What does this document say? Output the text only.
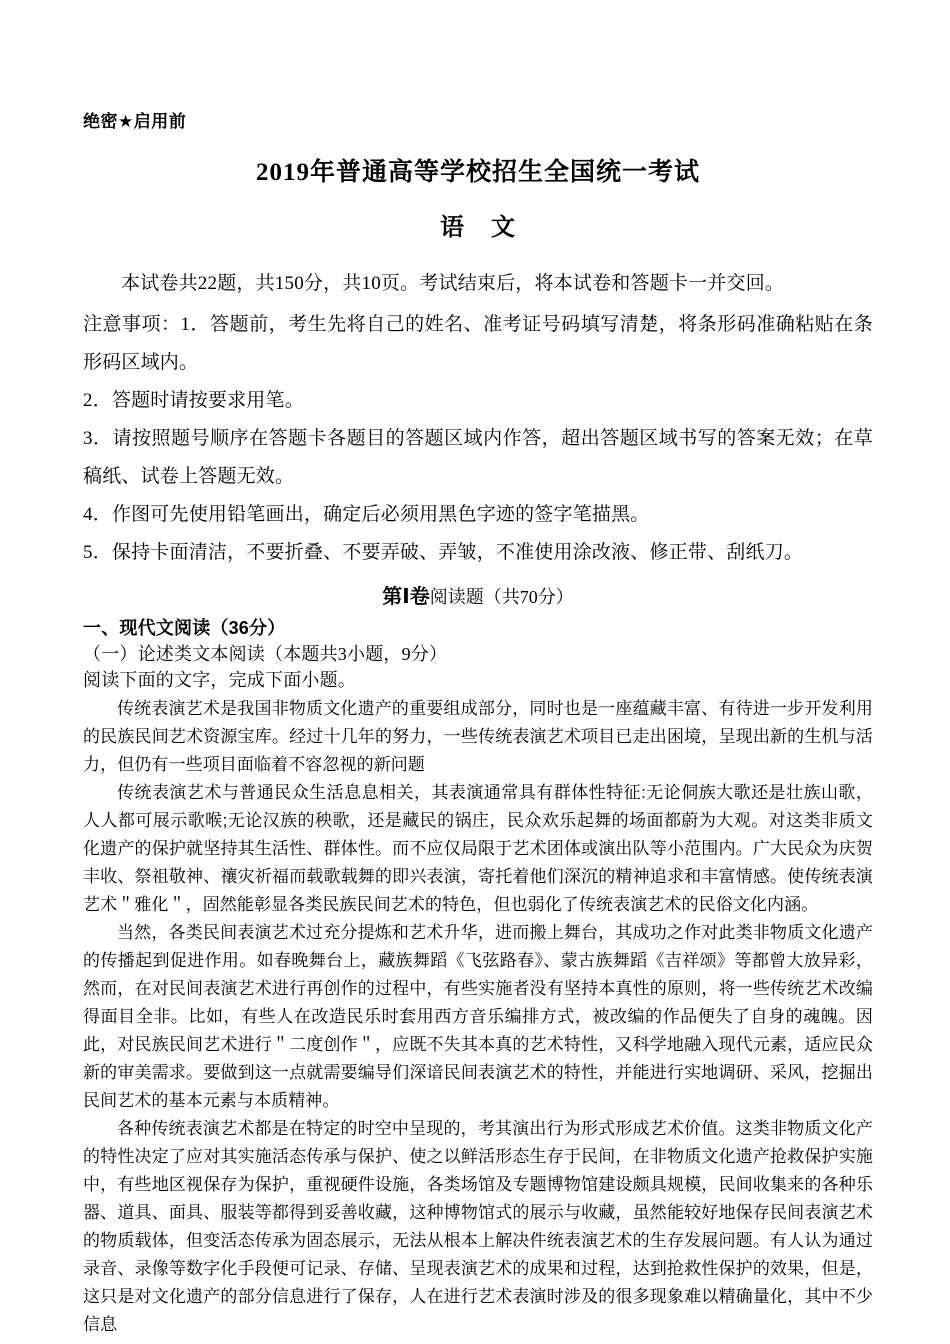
绝密★启用前
2019年普通高等学校招生全国统一考试
语 文

本试卷共22题，共150分，共10页。考试结束后，将本试卷和答题卡一并交回。

注意事项：1．答题前，考生先将自己的姓名、准考证号码填写清楚，将条形码准确粘贴在条形码区域内。

2．答题时请按要求用笔。

3．请按照题号顺序在答题卡各题目的答题区域内作答，超出答题区域书写的答案无效；在草稿纸、试卷上答题无效。

4．作图可先使用铅笔画出，确定后必须用黑色字迹的签字笔描黑。

5．保持卡面清洁，不要折叠、不要弄破、弄皱，不准使用涂改液、修正带、刮纸刀。

第Ⅰ卷阅读题（共70分）

一、现代文阅读（36分）

（一）论述类文本阅读（本题共3小题，9分）

阅读下面的文字，完成下面小题。

传统表演艺术是我国非物质文化遗产的重要组成部分，同时也是一座蕴藏丰富、有待进一步开发利用的民族民间艺术资源宝库。经过十几年的努力，一些传统表演艺术项目已走出困境，呈现出新的生机与活力，但仍有一些项目面临着不容忽视的新问题

传统表演艺术与普通民众生活息息相关，其表演通常具有群体性特征:无论侗族大歌还是壮族山歌，人人都可展示歌喉;无论汉族的秧歌，还是藏民的锅庄，民众欢乐起舞的场面都蔚为大观。对这类非质文化遗产的保护就坚持其生活性、群体性。而不应仅局限于艺术团体或演出队等小范围内。广大民众为庆贺丰收、祭祖敬神、禳灾祈福而载歌载舞的即兴表演，寄托着他们深沉的精神追求和丰富情感。使传统表演艺术＂雅化＂，固然能彰显各类民族民间艺术的特色，但也弱化了传统表演艺术的民俗文化内涵。

当然，各类民间表演艺术过充分提炼和艺术升华，进而搬上舞台，其成功之作对此类非物质文化遗产的传播起到促进作用。如春晚舞台上，藏族舞蹈《飞弦路春》、蒙古族舞蹈《吉祥颂》等都曾大放异彩，然而，在对民间表演艺术进行再创作的过程中，有些实施者没有坚持本真性的原则，将一些传统艺术改编得面目全非。比如，有些人在改造民乐时套用西方音乐编排方式，被改编的作品便失了自身的魂魄。因此，对民族民间艺术进行＂二度创作＂，应既不失其本真的艺术特性，又科学地融入现代元素，适应民众新的审美需求。要做到这一点就需要编导们深谙民间表演艺术的特性，并能进行实地调研、采风，挖掘出民间艺术的基本元素与本质精神。

各种传统表演艺术都是在特定的时空中呈现的，考其演出行为形式形成艺术价值。这类非物质文化产的特性决定了应对其实施活态传承与保护、使之以鲜活形态生存于民间，在非物质文化遗产抢救保护实施中，有些地区视保存为保护，重视硬件设施，各类场馆及专题博物馆建设颇具规模，民间收集来的各种乐器、道具、面具、服装等都得到妥善收藏，这种博物馆式的展示与收藏，虽然能较好地保存民间表演艺术的物质载体，但变活态传承为固态展示，无法从根本上解决件统表演艺术的生存发展问题。有人认为通过录音、录像等数字化手段便可记录、存储、呈现表演艺术的成果和过程，达到抢救性保护的效果，但是，这只是对文化遗产的部分信息进行了保存，人在进行艺术表演时涉及的很多现象难以精确量化，其中不少信息
